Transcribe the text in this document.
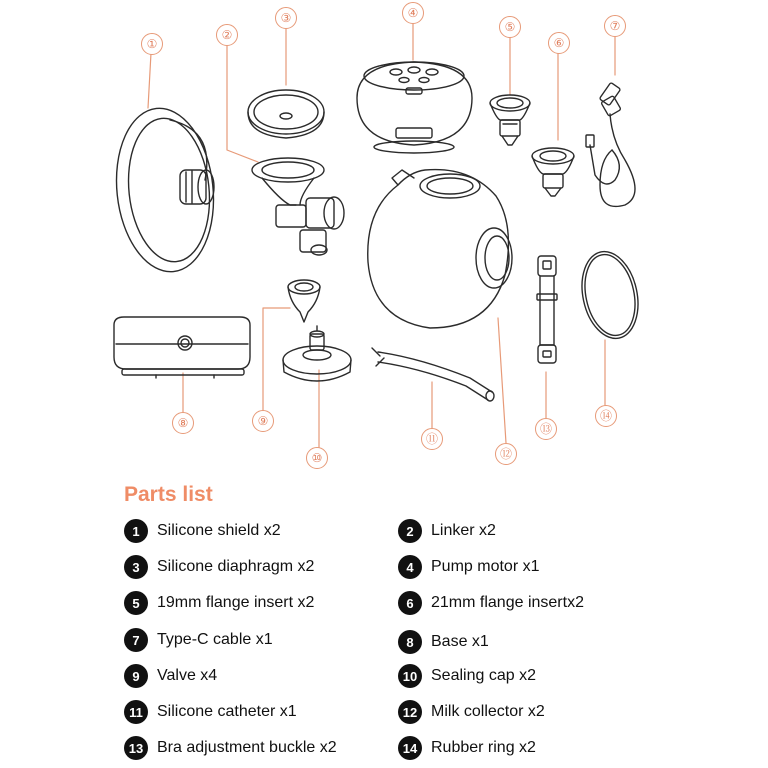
①
②
③	④
⑤
⑥
⑦
⑧	⑨
⑩
⑪
⑫
⑬
⑭
Parts list
1	Silicone shield x2	2	Linker x2
3	Silicone diaphragm x2	4	Pump motor x1
5	19mm flange insert x2	6	21mm flange insertx2
7	Type-C cable x1	8	Base x1
9	Valve x4	10 Sealing cap x2
11 Silicone catheter x1	12 Milk collector x2
13 Bra adjustment buckle x2	14 Rubber ring x2
